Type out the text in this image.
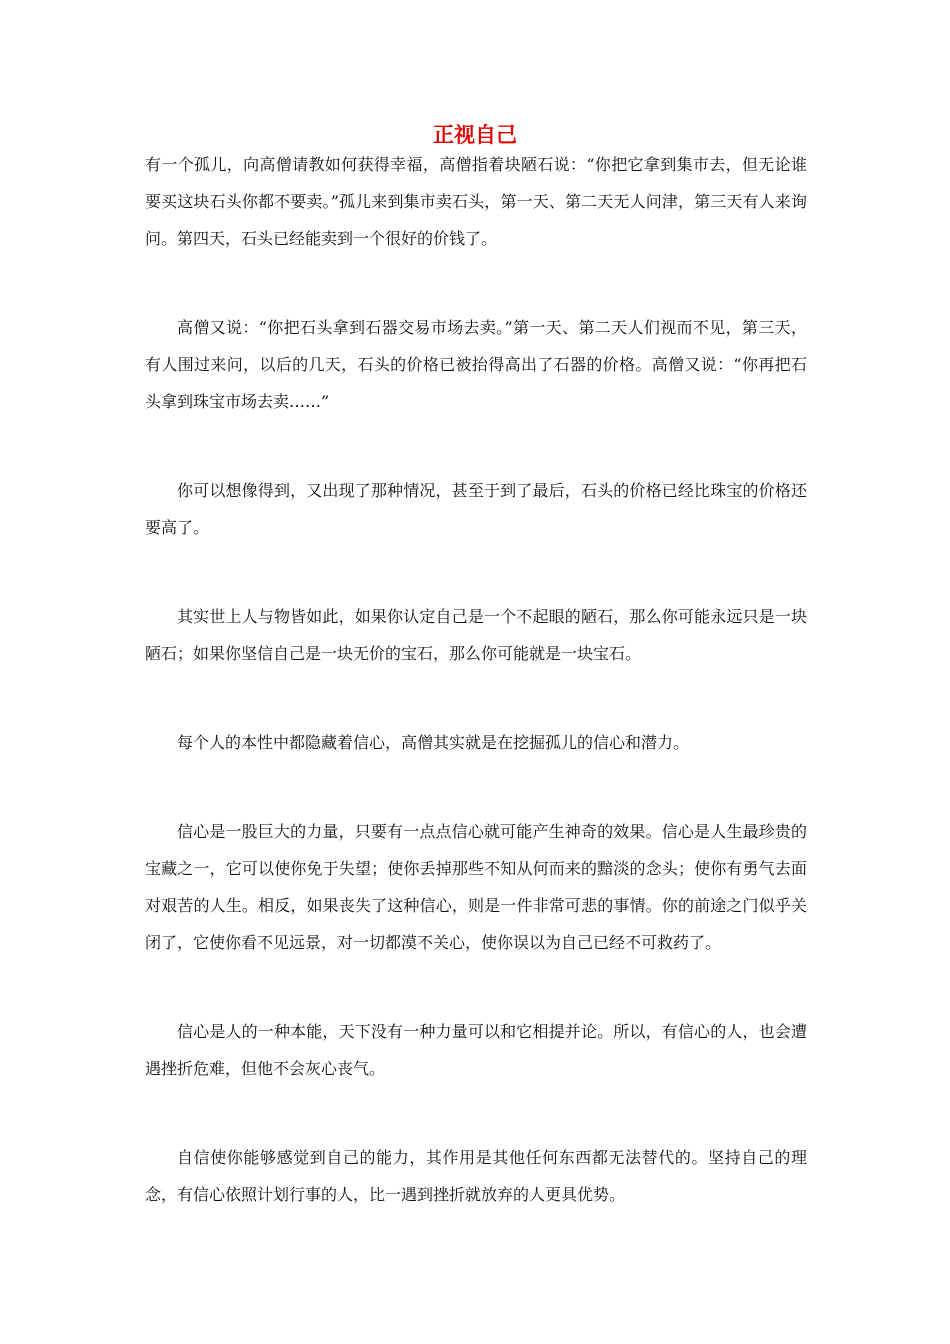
正视自己

有一个孤儿，向高僧请教如何获得幸福，高僧指着块陋石说：“你把它拿到集市去，但无论谁要买这块石头你都不要卖。”孤儿来到集市卖石头，第一天、第二天无人问津，第三天有人来询问。第四天，石头已经能卖到一个很好的价钱了。

高僧又说：“你把石头拿到石器交易市场去卖。”第一天、第二天人们视而不见，第三天，有人围过来问，以后的几天，石头的价格已被抬得高出了石器的价格。高僧又说：“你再把石头拿到珠宝市场去卖……”

你可以想像得到，又出现了那种情况，甚至于到了最后，石头的价格已经比珠宝的价格还要高了。

其实世上人与物皆如此，如果你认定自己是一个不起眼的陋石，那么你可能永远只是一块陋石；如果你坚信自己是一块无价的宝石，那么你可能就是一块宝石。

每个人的本性中都隐藏着信心，高僧其实就是在挖掘孤儿的信心和潜力。

信心是一股巨大的力量，只要有一点点信心就可能产生神奇的效果。信心是人生最珍贵的宝藏之一，它可以使你免于失望；使你丢掉那些不知从何而来的黯淡的念头；使你有勇气去面对艰苦的人生。相反，如果丧失了这种信心，则是一件非常可悲的事情。你的前途之门似乎关闭了，它使你看不见远景，对一切都漠不关心，使你误以为自己已经不可救药了。

信心是人的一种本能，天下没有一种力量可以和它相提并论。所以，有信心的人，也会遭遇挫折危难，但他不会灰心丧气。

自信使你能够感觉到自己的能力，其作用是其他任何东西都无法替代的。坚持自己的理念，有信心依照计划行事的人，比一遇到挫折就放弃的人更具优势。
